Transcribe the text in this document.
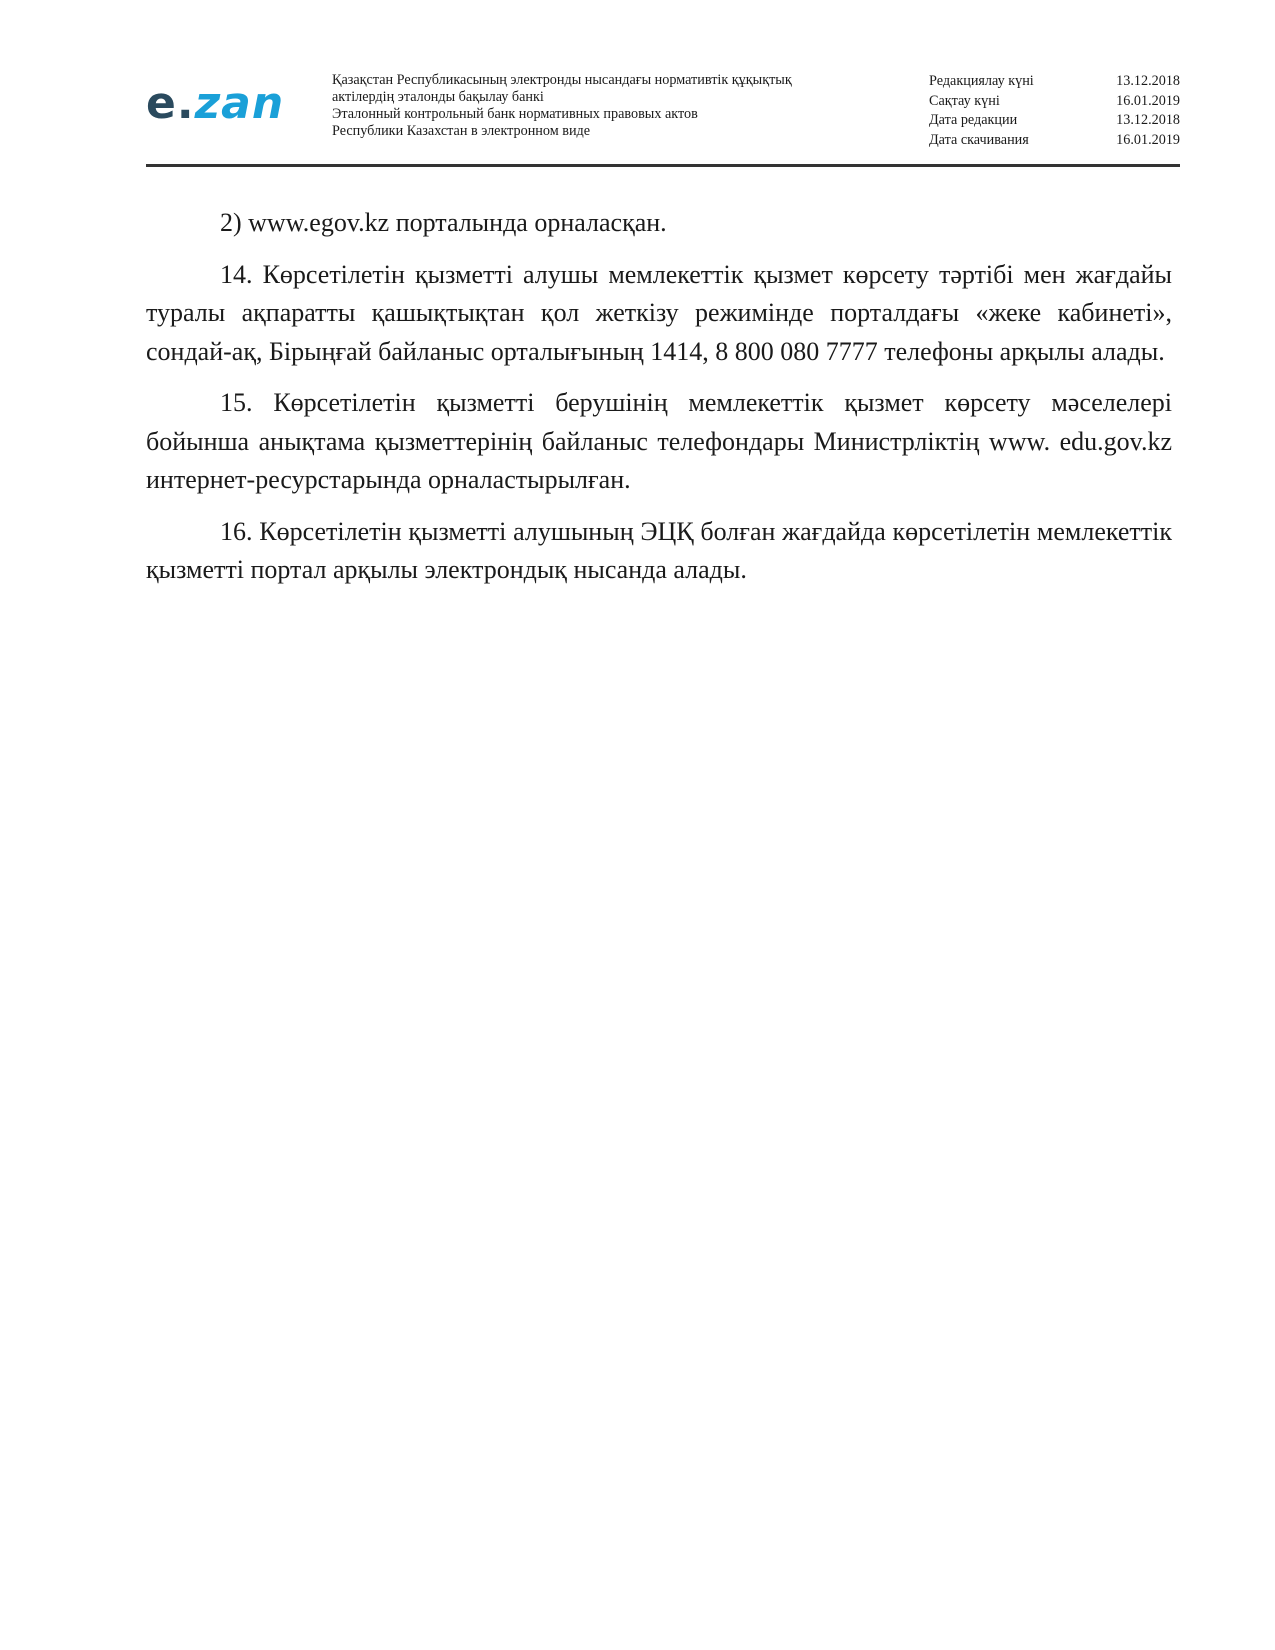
e.zan	Қазақстан Республикасының электронды нысандағы нормативтік құқықтық
актілердің эталонды бақылау банкі
Эталонный контрольный банк нормативных правовых актов
Республики Казахстан в электронном виде
Редакциялау күні	13.12.2018
Сақтау күні	16.01.2019
Дата редакции	13.12.2018
Дата скачивания	16.01.2019

2) www.egov.kz порталында орналасқан.

14. Көрсетілетін қызметті алушы мемлекеттік қызмет көрсету тәртібі мен жағдайы туралы ақпаратты қашықтықтан қол жеткізу режимінде порталдағы «жеке кабинеті», сондай-ақ, Бірыңғай байланыс орталығының 1414, 8 800 080 7777 телефоны арқылы алады.

15. Көрсетілетін қызметті берушінің мемлекеттік қызмет көрсету мәселелері бойынша анықтама қызметтерінің байланыс телефондары Министрліктің www. edu.gov.kz интернет-ресурстарында орналастырылған.

16. Көрсетілетін қызметті алушының ЭЦҚ болған жағдайда көрсетілетін мемлекеттік қызметті портал арқылы электрондық нысанда алады.
